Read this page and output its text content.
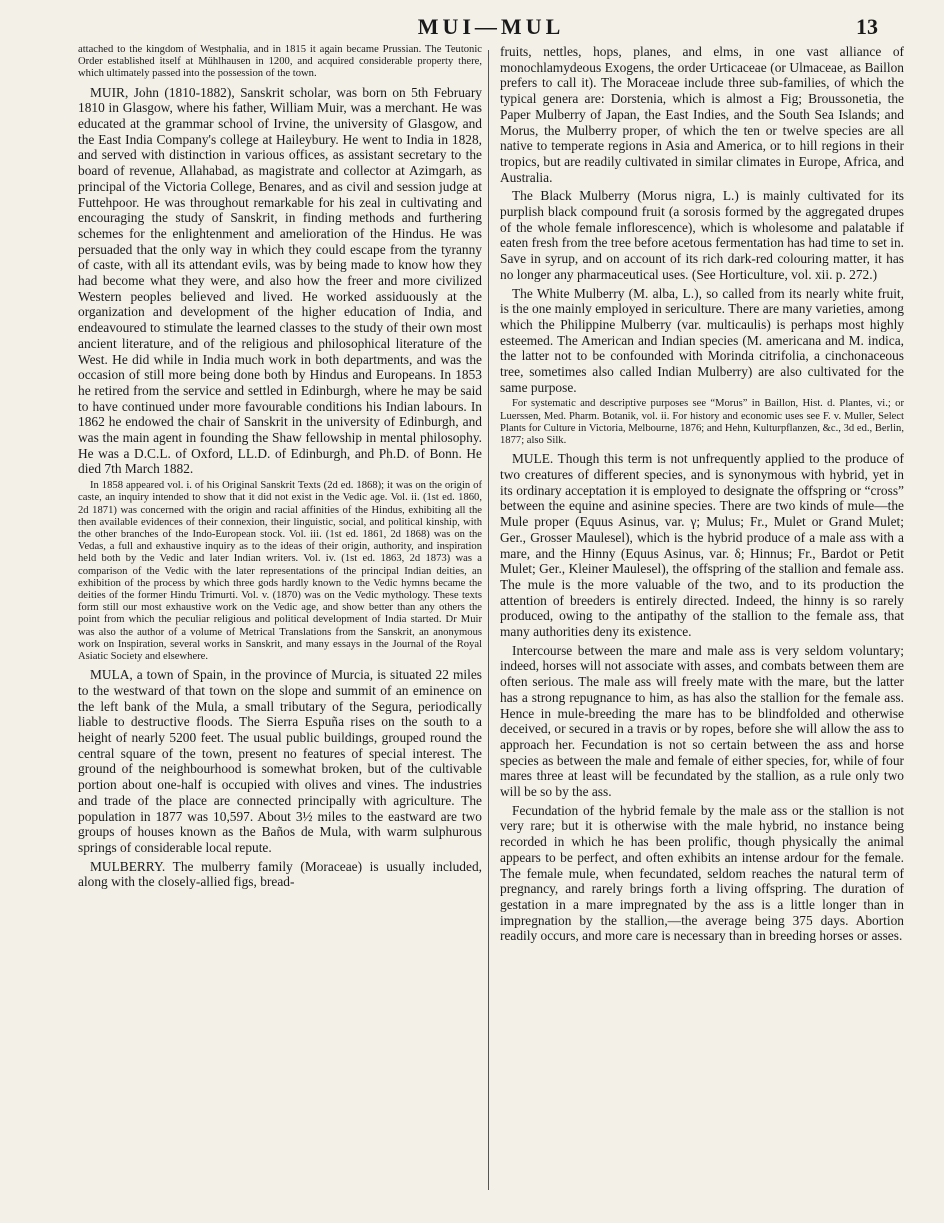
MUI—MUL	13

attached to the kingdom of Westphalia, and in 1815 it again became Prussian. The Teutonic Order established itself at Mühlhausen in 1200, and acquired considerable property there, which ultimately passed into the possession of the town.

MUIR, John (1810-1882), Sanskrit scholar, was born on 5th February 1810 in Glasgow, where his father, William Muir, was a merchant. He was educated at the grammar school of Irvine, the university of Glasgow, and the East India Company's college at Haileybury. He went to India in 1828, and served with distinction in various offices, as assistant secretary to the board of revenue, Allahabad, as magistrate and collector at Azimgarh, as principal of the Victoria College, Benares, and as civil and session judge at Futtehpoor. He was throughout remarkable for his zeal in cultivating and encouraging the study of Sanskrit, in finding methods and furthering schemes for the enlightenment and amelioration of the Hindus. He was persuaded that the only way in which they could escape from the tyranny of caste, with all its attendant evils, was by being made to know how they had become what they were, and also how the freer and more civilized Western peoples believed and lived. He worked assiduously at the organization and development of the higher education of India, and endeavoured to stimulate the learned classes to the study of their own most ancient literature, and of the religious and philosophical literature of the West. He did while in India much work in both departments, and was the occasion of still more being done both by Hindus and Europeans. In 1853 he retired from the service and settled in Edinburgh, where he may be said to have continued under more favourable conditions his Indian labours. In 1862 he endowed the chair of Sanskrit in the university of Edinburgh, and was the main agent in founding the Shaw fellowship in mental philosophy. He was a D.C.L. of Oxford, LL.D. of Edinburgh, and Ph.D. of Bonn. He died 7th March 1882.

In 1858 appeared vol. i. of his Original Sanskrit Texts (2d ed. 1868); it was on the origin of caste, an inquiry intended to show that it did not exist in the Vedic age. Vol. ii. (1st ed. 1860, 2d 1871) was concerned with the origin and racial affinities of the Hindus, exhibiting all the then available evidences of their connexion, their linguistic, social, and political kinship, with the other branches of the Indo-European stock. Vol. iii. (1st ed. 1861, 2d 1868) was on the Vedas, a full and exhaustive inquiry as to the ideas of their origin, authority, and inspiration held both by the Vedic and later Indian writers. Vol. iv. (1st ed. 1863, 2d 1873) was a comparison of the Vedic with the later representations of the principal Indian deities, an exhibition of the process by which three gods hardly known to the Vedic hymns became the deities of the former Hindu Trimurti. Vol. v. (1870) was on the Vedic mythology. These texts form still our most exhaustive work on the Vedic age, and show better than any others the point from which the peculiar religious and political development of India started. Dr Muir was also the author of a volume of Metrical Translations from the Sanskrit, an anonymous work on Inspiration, several works in Sanskrit, and many essays in the Journal of the Royal Asiatic Society and elsewhere.

MULA, a town of Spain, in the province of Murcia, is situated 22 miles to the westward of that town on the slope and summit of an eminence on the left bank of the Mula, a small tributary of the Segura, periodically liable to destructive floods. The Sierra Espuña rises on the south to a height of nearly 5200 feet. The usual public buildings, grouped round the central square of the town, present no features of special interest. The ground of the neighbourhood is somewhat broken, but of the cultivable portion about one-half is occupied with olives and vines. The industries and trade of the place are connected principally with agriculture. The population in 1877 was 10,597. About 3½ miles to the eastward are two groups of houses known as the Baños de Mula, with warm sulphurous springs of considerable local repute.

MULBERRY. The mulberry family (Moraceae) is usually included, along with the closely-allied figs, bread-

fruits, nettles, hops, planes, and elms, in one vast alliance of monochlamydeous Exogens, the order Urticaceae (or Ulmaceae, as Baillon prefers to call it). The Moraceae include three sub-families, of which the typical genera are: Dorstenia, which is almost a Fig; Broussonetia, the Paper Mulberry of Japan, the East Indies, and the South Sea Islands; and Morus, the Mulberry proper, of which the ten or twelve species are all native to temperate regions in Asia and America, or to hill regions in their tropics, but are readily cultivated in similar climates in Europe, Africa, and Australia.

The Black Mulberry (Morus nigra, L.) is mainly cultivated for its purplish black compound fruit (a sorosis formed by the aggregated drupes of the whole female inflorescence), which is wholesome and palatable if eaten fresh from the tree before acetous fermentation has had time to set in. Save in syrup, and on account of its rich dark-red colouring matter, it has no longer any pharmaceutical uses. (See Horticulture, vol. xii. p. 272.)

The White Mulberry (M. alba, L.), so called from its nearly white fruit, is the one mainly employed in sericulture. There are many varieties, among which the Philippine Mulberry (var. multicaulis) is perhaps most highly esteemed. The American and Indian species (M. americana and M. indica, the latter not to be confounded with Morinda citrifolia, a cinchonaceous tree, sometimes also called Indian Mulberry) are also cultivated for the same purpose.

For systematic and descriptive purposes see “Morus” in Baillon, Hist. d. Plantes, vi.; or Luerssen, Med. Pharm. Botanik, vol. ii. For history and economic uses see F. v. Muller, Select Plants for Culture in Victoria, Melbourne, 1876; and Hehn, Kulturpflanzen, &c., 3d ed., Berlin, 1877; also Silk.

MULE. Though this term is not unfrequently applied to the produce of two creatures of different species, and is synonymous with hybrid, yet in its ordinary acceptation it is employed to designate the offspring or “cross” between the equine and asinine species. There are two kinds of mule—the Mule proper (Equus Asinus, var. γ; Mulus; Fr., Mulet or Grand Mulet; Ger., Grosser Maulesel), which is the hybrid produce of a male ass with a mare, and the Hinny (Equus Asinus, var. δ; Hinnus; Fr., Bardot or Petit Mulet; Ger., Kleiner Maulesel), the offspring of the stallion and female ass. The mule is the more valuable of the two, and to its production the attention of breeders is entirely directed. Indeed, the hinny is so rarely produced, owing to the antipathy of the stallion to the female ass, that many authorities deny its existence.

Intercourse between the mare and male ass is very seldom voluntary; indeed, horses will not associate with asses, and combats between them are often serious. The male ass will freely mate with the mare, but the latter has a strong repugnance to him, as has also the stallion for the female ass. Hence in mule-breeding the mare has to be blindfolded and otherwise deceived, or secured in a travis or by ropes, before she will allow the ass to approach her. Fecundation is not so certain between the ass and horse species as between the male and female of either species, for, while of four mares three at least will be fecundated by the stallion, as a rule only two will be so by the ass.

Fecundation of the hybrid female by the male ass or the stallion is not very rare; but it is otherwise with the male hybrid, no instance being recorded in which he has been prolific, though physically the animal appears to be perfect, and often exhibits an intense ardour for the female. The female mule, when fecundated, seldom reaches the natural term of pregnancy, and rarely brings forth a living offspring. The duration of gestation in a mare impregnated by the ass is a little longer than in impregnation by the stallion,—the average being 375 days. Abortion readily occurs, and more care is necessary than in breeding horses or asses.
